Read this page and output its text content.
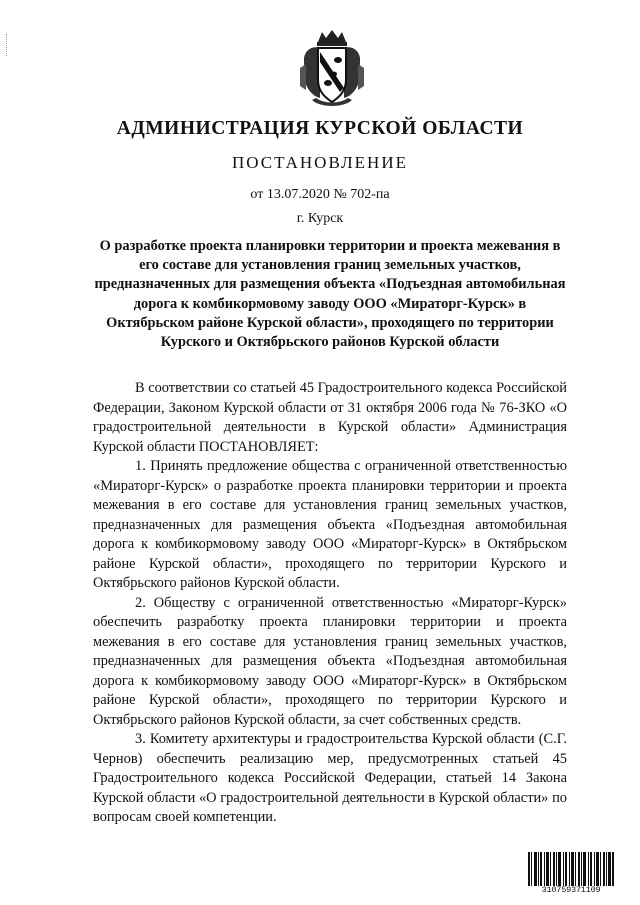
АДМИНИСТРАЦИЯ КУРСКОЙ ОБЛАСТИ
ПОСТАНОВЛЕНИЕ
от 13.07.2020 № 702-па
г. Курск
О разработке проекта планировки территории и проекта межевания в его составе для установления границ земельных участков, предназначенных для размещения объекта «Подъездная автомобильная дорога к комбикормовому заводу ООО «Мираторг-Курск» в Октябрьском районе Курской области», проходящего по территории Курского и Октябрьского районов Курской области

В соответствии со статьей 45 Градостроительного кодекса Российской Федерации, Законом Курской области от 31 октября 2006 года № 76-ЗКО «О градостроительной деятельности в Курской области» Администрация Курской области ПОСТАНОВЛЯЕТ:

1. Принять предложение общества с ограниченной ответственностью «Мираторг-Курск» о разработке проекта планировки территории и проекта межевания в его составе для установления границ земельных участков, предназначенных для размещения объекта «Подъездная автомобильная дорога к комбикормовому заводу ООО «Мираторг-Курск» в Октябрьском районе Курской области», проходящего по территории Курского и Октябрьского районов Курской области.

2. Обществу с ограниченной ответственностью «Мираторг-Курск» обеспечить разработку проекта планировки территории и проекта межевания в его составе для установления границ земельных участков, предназначенных для размещения объекта «Подъездная автомобильная дорога к комбикормовому заводу ООО «Мираторг-Курск» в Октябрьском районе Курской области», проходящего по территории Курского и Октябрьского районов Курской области, за счет собственных средств.

3. Комитету архитектуры и градостроительства Курской области (С.Г. Чернов) обеспечить реализацию мер, предусмотренных статьей 45 Градостроительного кодекса Российской Федерации, статьей 14 Закона Курской области «О градостроительной деятельности в Курской области» по вопросам своей компетенции.

310759371109
